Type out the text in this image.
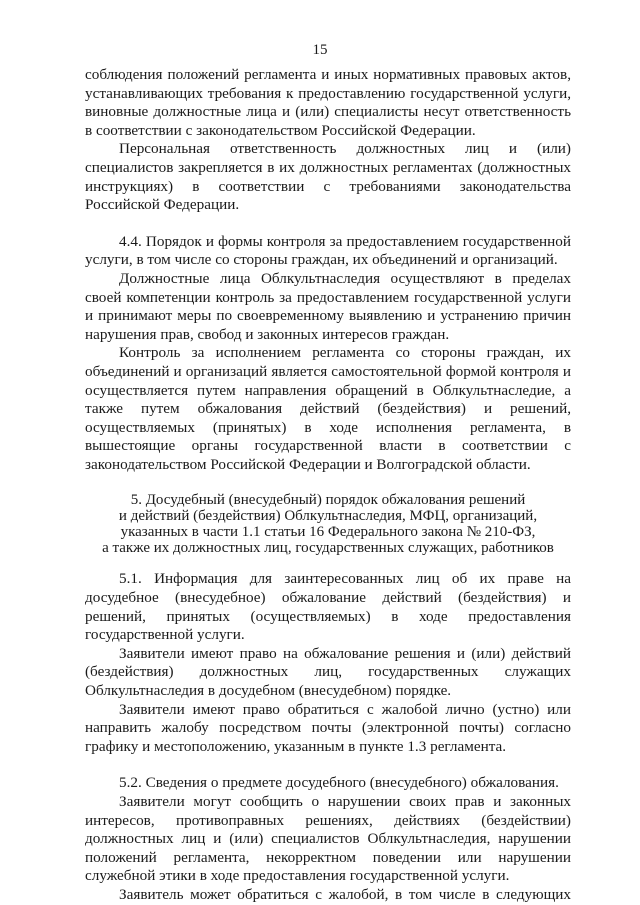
15

соблюдения положений регламента и иных нормативных правовых актов, устанавливающих требования к предоставлению государственной услуги, виновные должностные лица и (или) специалисты несут ответственность в соответствии с законодательством Российской Федерации.

Персональная ответственность должностных лиц и (или) специалистов закрепляется в их должностных регламентах (должностных инструкциях) в соответствии с требованиями законодательства Российской Федерации.

4.4. Порядок и формы контроля за предоставлением государственной услуги, в том числе со стороны граждан, их объединений и организаций.

Должностные лица Облкультнаследия осуществляют в пределах своей компетенции контроль за предоставлением государственной услуги и принимают меры по своевременному выявлению и устранению причин нарушения прав, свобод и законных интересов граждан.

Контроль за исполнением регламента со стороны граждан, их объединений и организаций является самостоятельной формой контроля и осуществляется путем направления обращений в Облкультнаследие, а также путем обжалования действий (бездействия) и решений, осуществляемых (принятых) в ходе исполнения регламента, в вышестоящие органы государственной власти в соответствии с законодательством Российской Федерации и Волгоградской области.

5. Досудебный (внесудебный) порядок обжалования решений
и действий (бездействия) Облкультнаследия, МФЦ, организаций,
указанных в части 1.1 статьи 16 Федерального закона № 210-ФЗ,
а также их должностных лиц, государственных служащих, работников

5.1. Информация для заинтересованных лиц об их праве на досудебное (внесудебное) обжалование действий (бездействия) и решений, принятых (осуществляемых) в ходе предоставления государственной услуги.

Заявители имеют право на обжалование решения и (или) действий (бездействия) должностных лиц, государственных служащих Облкультнаследия в досудебном (внесудебном) порядке.

Заявители имеют право обратиться с жалобой лично (устно) или направить жалобу посредством почты (электронной почты) согласно графику и местоположению, указанным в пункте 1.3 регламента.

5.2. Сведения о предмете досудебного (внесудебного) обжалования.

Заявители могут сообщить о нарушении своих прав и законных интересов, противоправных решениях, действиях (бездействии) должностных лиц и (или) специалистов Облкультнаследия, нарушении положений регламента, некорректном поведении или нарушении служебной этики в ходе предоставления государственной услуги.

Заявитель может обратиться с жалобой, в том числе в следующих
